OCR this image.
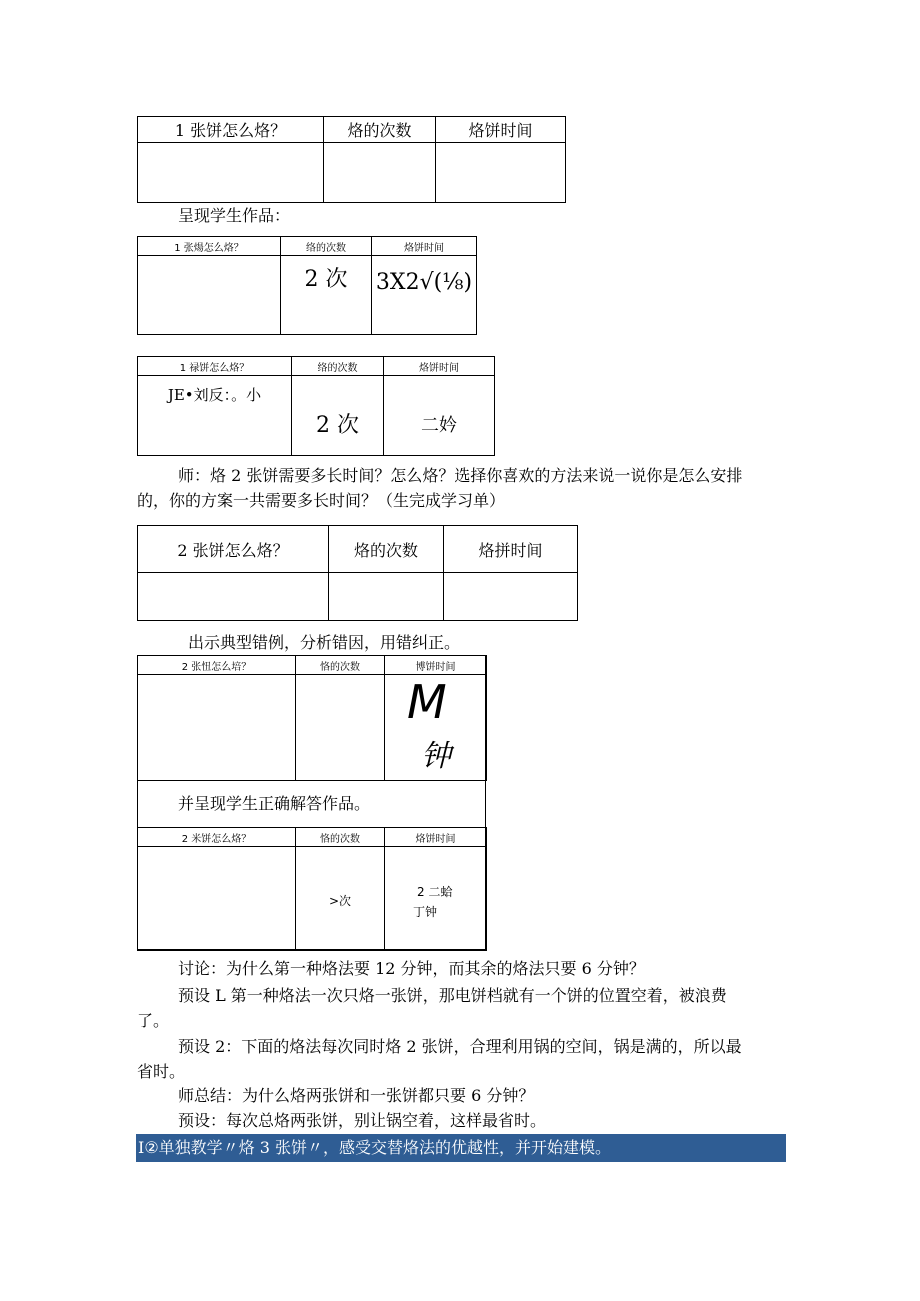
1 张饼怎么烙？	烙的次数	烙饼时间

呈现学生作品：
1 张煬怎么烙？	络的次数	烙饼时间
	2 次	3X2√(⅛)
1 禄饼怎么烙？	络的次数	烙饼时间
JE•刘反：。小	2 次	二妗
师：烙 2 张饼需要多长时间？怎么烙？选择你喜欢的方法来说一说你是怎么安排
的，你的方案一共需要多长时间？（生完成学习单）
2 张饼怎么烙？	烙的次数	烙拼时间

出示典型错例，分析错因，用错纠正。
2 张忸怎么培？	恪的次数	博饼时间

		M
钟
并呈现学生正确解答作品。
2 米饼怎么烙？	恪的次数	烙饼时间
	>次	2 二蛤
丁钟
讨论：为什么第一种烙法要 12 分钟，而其余的烙法只要 6 分钟？
预设 L 第一种烙法一次只烙一张饼，那电饼档就有一个饼的位置空着，被浪费
了。
预设 2：下面的烙法每次同时烙 2 张饼，合理利用锅的空间，锅是满的，所以最
省时。
师总结：为什么烙两张饼和一张饼都只要 6 分钟？
预设：每次总烙两张饼，别让锅空着，这样最省时。
I②单独教学〃烙 3 张饼〃，感受交替烙法的优越性，并开始建模。
